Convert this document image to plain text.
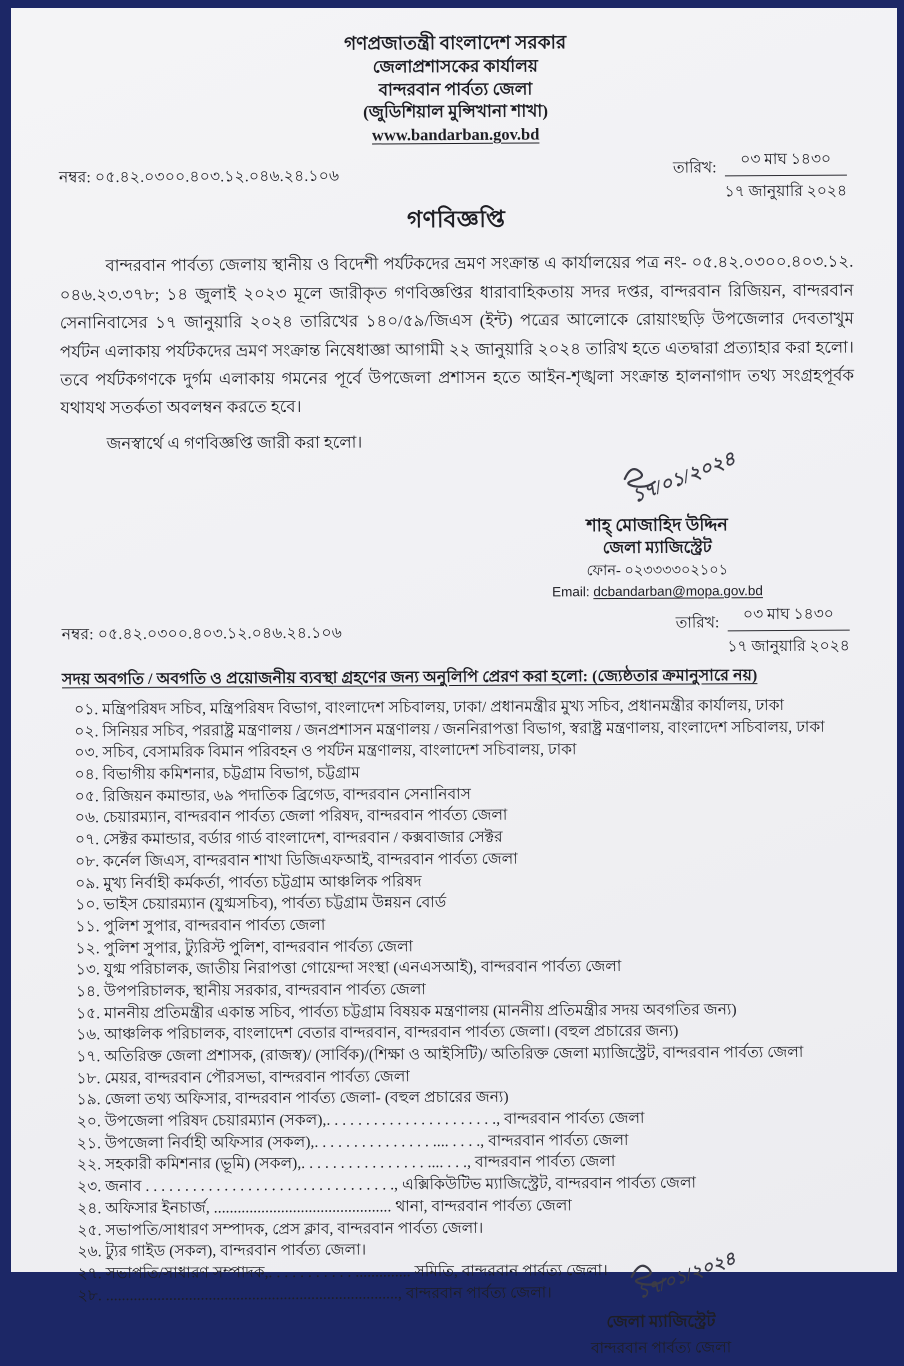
গণপ্রজাতন্ত্রী বাংলাদেশ সরকার
জেলাপ্রশাসকের কার্যালয়
বান্দরবান পার্বত্য জেলা
(জুডিশিয়াল মুন্সিখানা শাখা)
www.bandarban.gov.bd
নম্বর: ০৫.৪২.০৩০০.৪০৩.১২.০৪৬.২৪.১০৬	তারিখ: $\frac{\text{০৩ মাঘ ১৪৩০}}{\text{১৭ জানুয়ারি ২০২৪}}$
গণবিজ্ঞপ্তি
বান্দরবান পার্বত্য জেলায় স্থানীয় ও বিদেশী পর্যটকদের ভ্রমণ সংক্রান্ত এ কার্যালয়ের পত্র নং- ০৫.৪২.০৩০০.৪০৩.১২. ০৪৬.২৩.৩৭৮; ১৪ জুলাই ২০২৩ মূলে জারীকৃত গণবিজ্ঞপ্তির ধারাবাহিকতায় সদর দপ্তর, বান্দরবান রিজিয়ন, বান্দরবান সেনানিবাসের ১৭ জানুয়ারি ২০২৪ তারিখের ১৪০/৫৯/জিএস (ইন্ট) পত্রের আলোকে রোয়াংছড়ি উপজেলার দেবতাখুম পর্যটন এলাকায় পর্যটকদের ভ্রমণ সংক্রান্ত নিষেধাজ্ঞা আগামী ২২ জানুয়ারি ২০২৪ তারিখ হতে এতদ্বারা প্রত্যাহার করা হলো। তবে পর্যটকগণকে দুর্গম এলাকায় গমনের পূর্বে উপজেলা প্রশাসন হতে আইন-শৃঙ্খলা সংক্রান্ত হালনাগাদ তথ্য সংগ্রহপূর্বক যথাযথ সতর্কতা অবলম্বন করতে হবে।
জনস্বার্থে এ গণবিজ্ঞপ্তি জারী করা হলো।
১৭/০১/২০২৪
শাহ্‌ মোজাহিদ উদ্দিন
জেলা ম্যাজিস্ট্রেট
ফোন- ০২৩৩৩৩০২১০১
Email: dcbandarban@mopa.gov.bd
নম্বর: ০৫.৪২.০৩০০.৪০৩.১২.০৪৬.২৪.১০৬
তারিখ: $\frac{\text{০৩ মাঘ ১৪৩০}}{\text{১৭ জানুয়ারি ২০২৪}}$
সদয় অবগতি / অবগতি ও প্রয়োজনীয় ব্যবস্থা গ্রহণের জন্য অনুলিপি প্রেরণ করা হলো: (জ্যেষ্ঠতার ক্রমানুসারে নয়)
০১. মন্ত্রিপরিষদ সচিব, মন্ত্রিপরিষদ বিভাগ, বাংলাদেশ সচিবালয়, ঢাকা/ প্রধানমন্ত্রীর মুখ্য সচিব, প্রধানমন্ত্রীর কার্যালয়, ঢাকা
০২. সিনিয়র সচিব, পররাষ্ট্র মন্ত্রণালয় / জনপ্রশাসন মন্ত্রণালয় / জননিরাপত্তা বিভাগ, স্বরাষ্ট্র মন্ত্রণালয়, বাংলাদেশ সচিবালয়, ঢাকা
০৩. সচিব, বেসামরিক বিমান পরিবহন ও পর্যটন মন্ত্রণালয়, বাংলাদেশ সচিবালয়, ঢাকা
০৪. বিভাগীয় কমিশনার, চট্টগ্রাম বিভাগ, চট্টগ্রাম
০৫. রিজিয়ন কমান্ডার, ৬৯ পদাতিক ব্রিগেড, বান্দরবান সেনানিবাস
০৬. চেয়ারম্যান, বান্দরবান পার্বত্য জেলা পরিষদ, বান্দরবান পার্বত্য জেলা
০৭. সেক্টর কমান্ডার, বর্ডার গার্ড বাংলাদেশ, বান্দরবান / কক্সবাজার সেক্টর
০৮. কর্নেল জিএস, বান্দরবান শাখা ডিজিএফআই, বান্দরবান পার্বত্য জেলা
০৯. মুখ্য নির্বাহী কর্মকর্তা, পার্বত্য চট্টগ্রাম আঞ্চলিক পরিষদ
১০. ভাইস চেয়ারম্যান (যুগ্মসচিব), পার্বত্য চট্টগ্রাম উন্নয়ন বোর্ড
১১. পুলিশ সুপার, বান্দরবান পার্বত্য জেলা
১২. পুলিশ সুপার, ট্যুরিস্ট পুলিশ, বান্দরবান পার্বত্য জেলা
১৩. যুগ্ম পরিচালক, জাতীয় নিরাপত্তা গোয়েন্দা সংস্থা (এনএসআই), বান্দরবান পার্বত্য জেলা
১৪. উপপরিচালক, স্থানীয় সরকার, বান্দরবান পার্বত্য জেলা
১৫. মাননীয় প্রতিমন্ত্রীর একান্ত সচিব, পার্বত্য চট্টগ্রাম বিষয়ক মন্ত্রণালয় (মাননীয় প্রতিমন্ত্রীর সদয় অবগতির জন্য)
১৬. আঞ্চলিক পরিচালক, বাংলাদেশ বেতার বান্দরবান, বান্দরবান পার্বত্য জেলা। (বহুল প্রচারের জন্য)
১৭. অতিরিক্ত জেলা প্রশাসক, (রাজস্ব)/ (সার্বিক)/(শিক্ষা ও আইসিটি)/ অতিরিক্ত জেলা ম্যাজিস্ট্রেট, বান্দরবান পার্বত্য জেলা
১৮. মেয়র, বান্দরবান পৌরসভা, বান্দরবান পার্বত্য জেলা
১৯. জেলা তথ্য অফিসার, বান্দরবান পার্বত্য জেলা- (বহুল প্রচারের জন্য)
২০. উপজেলা পরিষদ চেয়ারম্যান (সকল),. . . . . . . . . . . . . . . . . . . . . ., বান্দরবান পার্বত্য জেলা
২১. উপজেলা নির্বাহী অফিসার (সকল),. . . . . . . . . . . . . . . .... . . . ., বান্দরবান পার্বত্য জেলা
২২. সহকারী কমিশনার (ভূমি) (সকল),. . . . . . . . . . . . . . . . .... . . ., বান্দরবান পার্বত্য জেলা
২৩. জনাব . . . . . . . . . . . . . . . . . . . . . . . . . . . . . . . ., এক্সিকিউটিভ ম্যাজিস্ট্রেট, বান্দরবান পার্বত্য জেলা
২৪. অফিসার ইনচার্জ, ............................................. থানা, বান্দরবান পার্বত্য জেলা
২৫. সভাপতি/সাধারণ সম্পাদক, প্রেস ক্লাব, বান্দরবান পার্বত্য জেলা।
২৬. ট্যুর গাইড (সকল), বান্দরবান পার্বত্য জেলা।
২৭. সভাপতি/সাধারণ সম্পাদক,. . . . . . . . . . . .............. সমিতি, বান্দরবান পার্বত্য জেলা।
২৮. .........................................................................., বান্দরবান পার্বত্য জেলা।	১৭/০১/২০২৪
জেলা ম্যাজিস্ট্রেট
বান্দরবান পার্বত্য জেলা
